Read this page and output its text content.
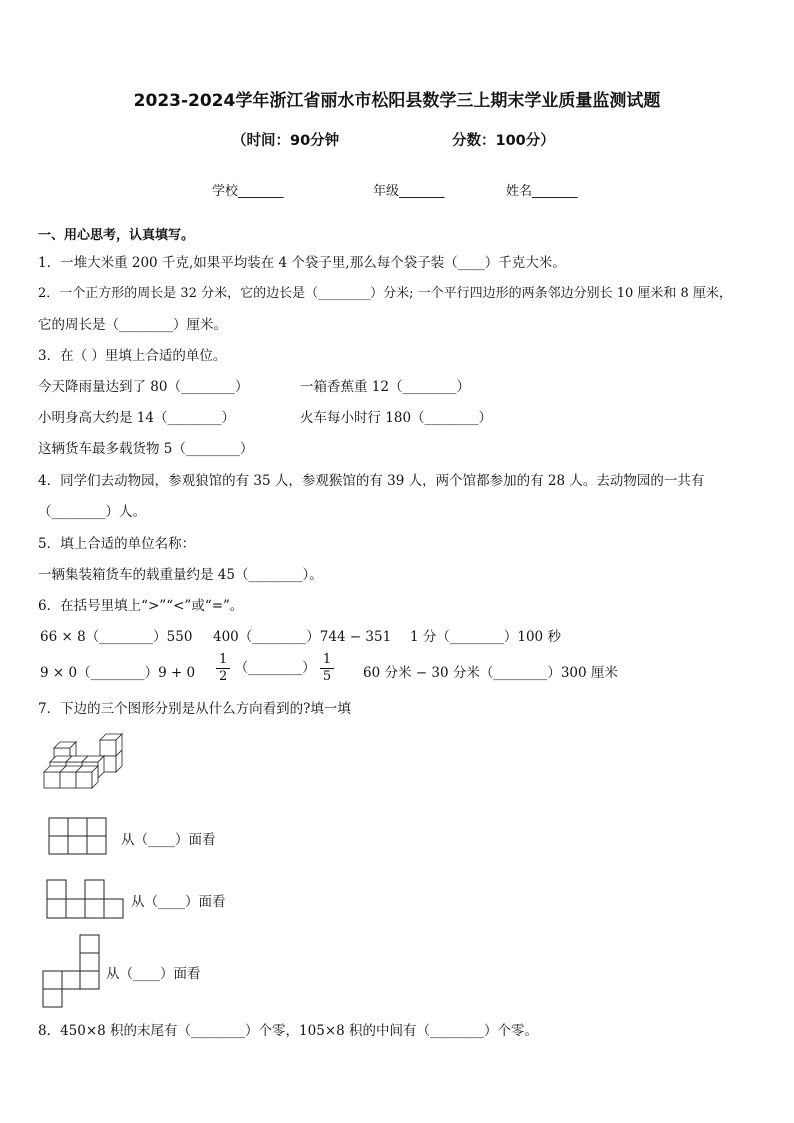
2023-2024学年浙江省丽水市松阳县数学三上期末学业质量监测试题
（时间：90分钟	分数：100分）
学校_______	年级_______	姓名_______
一、用心思考，认真填写。
1．一堆大米重 200 千克,如果平均装在 4 个袋子里,那么每个袋子装（____）千克大米。
2．一个正方形的周长是 32 分米，它的边长是（________）分米; 一个平行四边形的两条邻边分别长 10 厘米和 8 厘米，
它的周长是（________）厘米。
3．在（ ）里填上合适的单位。
今天降雨量达到了 80（________）	一箱香蕉重 12（________）
小明身高大约是 14（________）	火车每小时行 180（________）
这辆货车最多载货物 5（________）
4．同学们去动物园，参观狼馆的有 35 人，参观猴馆的有 39 人，两个馆都参加的有 28 人。去动物园的一共有
（________）人。
5．填上合适的单位名称：
一辆集装箱货车的载重量约是 45（________）。
6．在括号里填上“>”“<”或“=”。
66 × 8（________）550 400（________）744 − 351 1 分（________）100 秒
9 × 0（________）9 + $0 \frac{1}{2}$ （________） $\frac{1}{5} 60$ 分米 − 30 分米（________）300 厘米
7．下边的三个图形分别是从什么方向看到的?填一填
从（____）面看
从（____）面看
从（____）面看
8．450×8 积的末尾有（________）个零，105×8 积的中间有（________）个零。
